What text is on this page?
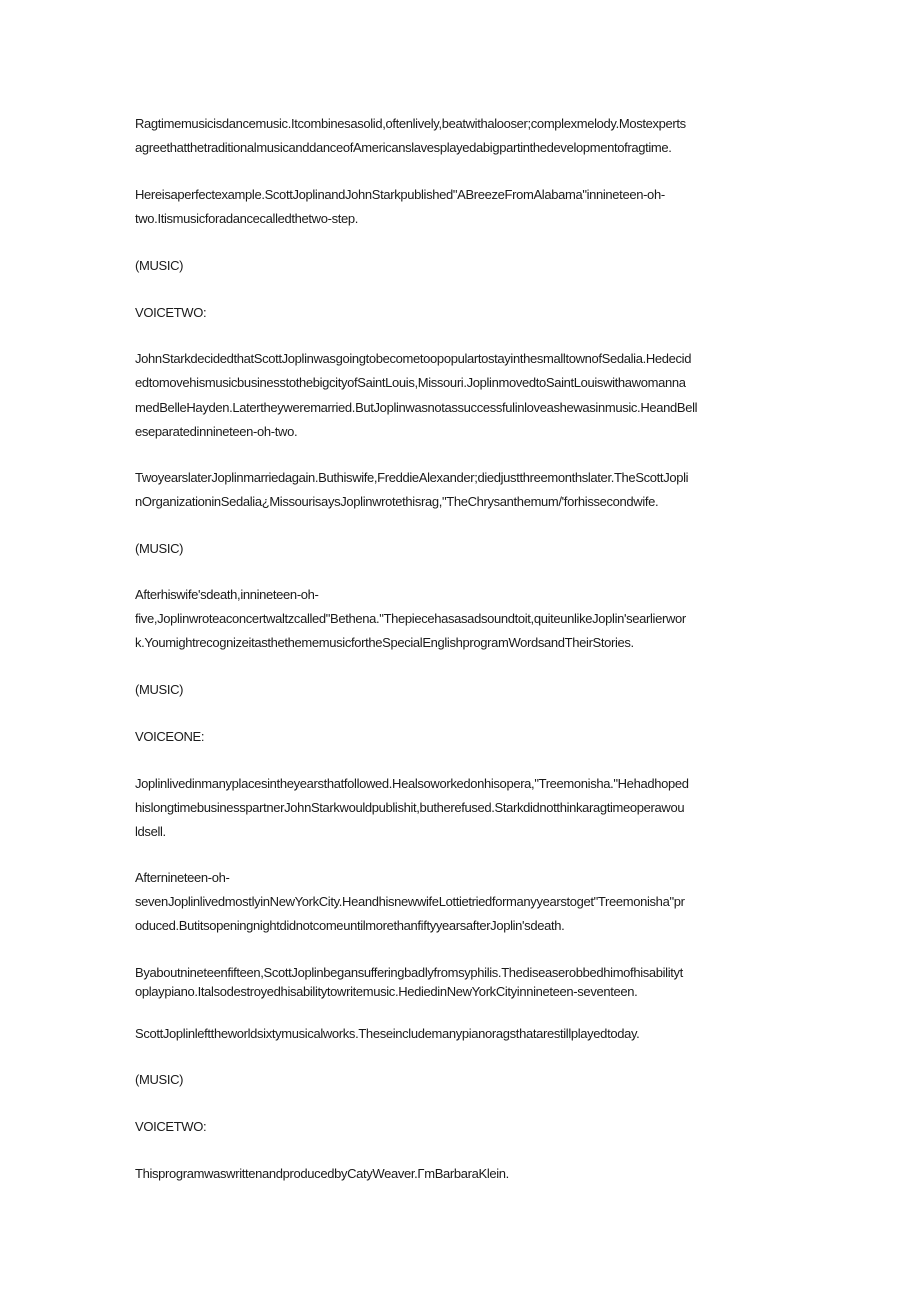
Ragtimemusicisdancemusic.Itcombinesasolid,oftenlively,beatwithalooser;complexmelody.Mostexperts
agreethatthetraditionalmusicanddanceofAmericanslavesplayedabigpartinthedevelopmentofragtime.
Hereisaperfectexample.ScottJoplinandJohnStarkpublished"ABreezeFromAlabama"innineteen-oh-
two.Itismusicforadancecalledthetwo-step.
(MUSIC)
VOICETWO:
JohnStarkdecidedthatScottJoplinwasgoingtobecometoopopulartostayinthesmalltownofSedalia.Hedecid
edtomovehismusicbusinesstothebigcityofSaintLouis,Missouri.JoplinmovedtoSaintLouiswithawomanna
medBelleHayden.Latertheyweremarried.ButJoplinwasnotassuccessfulinloveashewasinmusic.HeandBell
eseparatedinnineteen-oh-two.
TwoyearslaterJoplinmarriedagain.Buthiswife,FreddieAlexander;diedjustthreemonthslater.TheScottJopli
nOrganizationinSedalia¿MissourisaysJoplinwrotethisrag,"TheChrysanthemum/'forhissecondwife.
(MUSIC)
Afterhiswife'sdeath,innineteen-oh-
five,Joplinwroteaconcertwaltzcalled"Bethena."Thepiecehasasadsoundtoit,quiteunlikeJoplin'searlierwor
k.YoumightrecognizeitasthethememusicfortheSpecialEnglishprogramWordsandTheirStories.
(MUSIC)
VOICEONE:
Joplinlivedinmanyplacesintheyearsthatfollowed.Healsoworkedonhisopera,"Treemonisha."Hehadhoped
hislongtimebusinesspartnerJohnStarkwouldpublishit,butherefused.Starkdidnotthinkaragtimeoperawou
ldsell.
Afternineteen-oh-
sevenJoplinlivedmostlyinNewYorkCity.HeandhisnewwifeLottietriedformanyyearstoget"Treemonisha"pr
oduced.ButitsopeningnightdidnotcomeuntilmorethanfiftyyearsafterJoplin'sdeath.
Byaboutnineteenfifteen,ScottJoplinbegansufferingbadlyfromsyphilis.Thediseaserobbedhimofhisabilityt
oplaypiano.Italsodestroyedhisabilitytowritemusic.HediedinNewYorkCityinnineteen-seventeen.
ScottJoplinlefttheworldsixtymusicalworks.Theseincludemanypianoragsthatarestillplayedtoday.
(MUSIC)
VOICETWO:
ThisprogramwaswrittenandproducedbyCatyWeaver.ΓmBarbaraKlein.
